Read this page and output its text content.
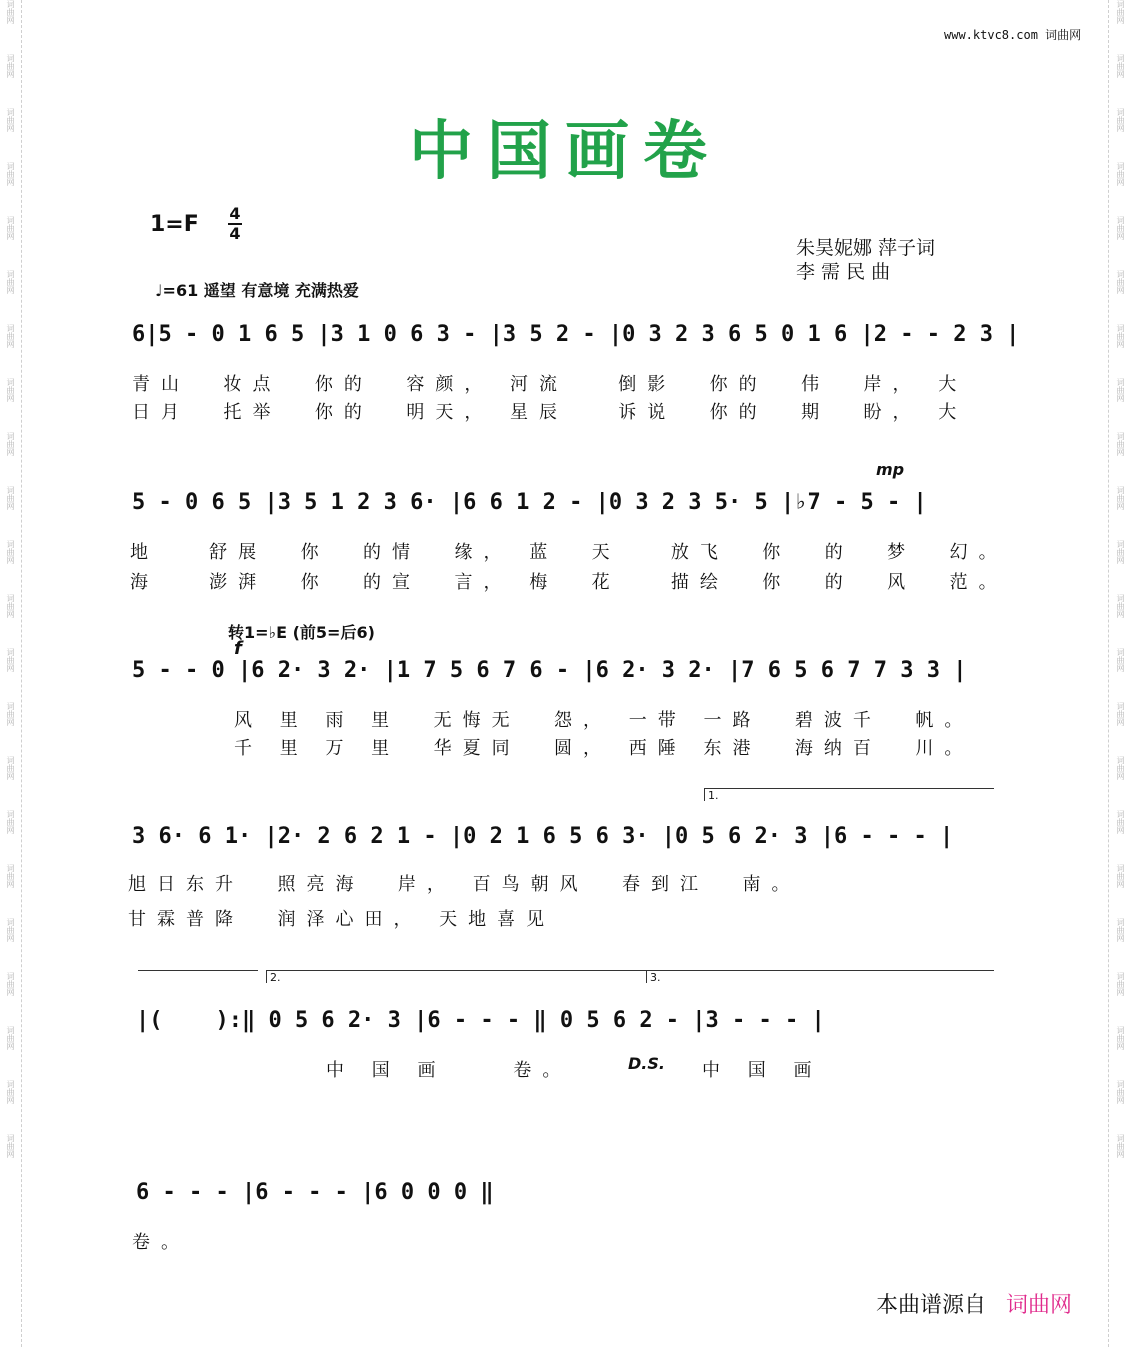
词曲网
词曲网
词曲网
词曲网
词曲网
词曲网
词曲网
词曲网
词曲网
词曲网
词曲网
词曲网
词曲网
词曲网
词曲网
词曲网
词曲网
词曲网
词曲网
词曲网
词曲网
词曲网
词曲网
词曲网
词曲网
词曲网
词曲网
词曲网
词曲网
词曲网
词曲网
词曲网
词曲网
词曲网
词曲网
词曲网
词曲网
词曲网
词曲网
词曲网
词曲网
词曲网
词曲网
词曲网
www.ktvc8.com 词曲网
中国画卷
1=F 4
4
朱昊妮娜 萍子词
李 需 民 曲
♩=61 遥望 有意境 充满热爱
6|5 - 0 1 6 5 |3 1 0 6 3 - |3 5 2 - |0 3 2 3 6 5 0 1 6 |2 - - 2 3 |
青山  妆点  你的  容颜， 河流   倒影  你的  伟  岸， 大
日月  托举  你的  明天， 星辰   诉说  你的  期  盼， 大
mp
5 - 0 6 5 |3 5 1 2 3 6· |6 6 1 2 - |0 3 2 3 5· 5 |♭7 - 5 - |
地   舒展  你  的情  缘， 蓝  天   放飞  你  的  梦  幻。
海   澎湃  你  的宣  言， 梅  花   描绘  你  的  风  范。
转1=♭E (前5=后6)
f
5 - - 0 |6 2· 3 2· |1 7 5 6 7 6 - |6 2· 3 2· |7 6 5 6 7 7 3 3 |
风 里 雨 里  无悔无  怨， 一带 一路  碧波千  帆。
千 里 万 里  华夏同  圆， 西陲 东港  海纳百  川。
1.
3 6· 6 1· |2· 2 6 2 1 - |0 2 1 6 5 6 3· |0 5 6 2· 3 |6 - - - |
旭日东升  照亮海  岸， 百鸟朝风  春到江  南。
甘霖普降  润泽心田， 天地喜见
2.	3.
|(    ):‖ 0 5 6 2· 3 |6 - - - ‖ 0 5 6 2 - |3 - - - |
中 国 画    卷。	D.S. 中 国 画
6 - - - |6 - - - |6 0 0 0 ‖
卷。
本曲谱源自 词曲网
